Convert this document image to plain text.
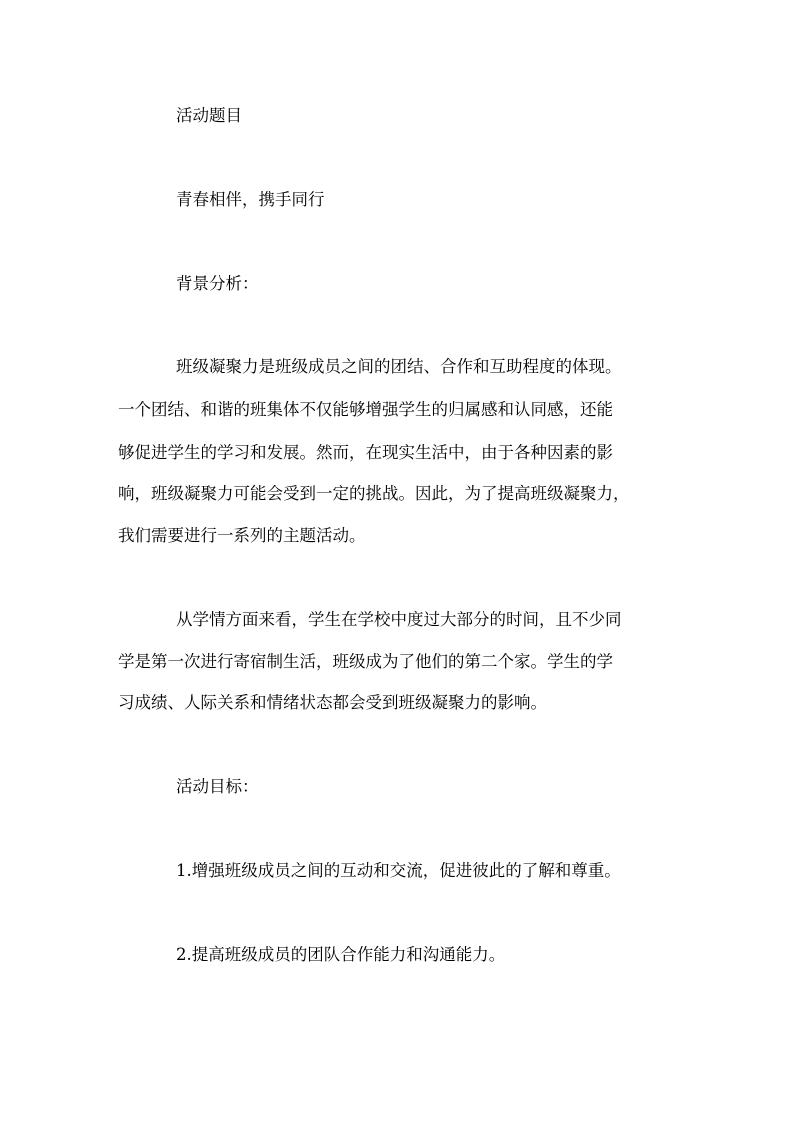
活动题目
青春相伴，携手同行
背景分析：
班级凝聚力是班级成员之间的团结、合作和互助程度的体现。
一个团结、和谐的班集体不仅能够增强学生的归属感和认同感，还能
够促进学生的学习和发展。然而，在现实生活中，由于各种因素的影
响，班级凝聚力可能会受到一定的挑战。因此，为了提高班级凝聚力，
我们需要进行一系列的主题活动。
从学情方面来看，学生在学校中度过大部分的时间，且不少同
学是第一次进行寄宿制生活，班级成为了他们的第二个家。学生的学
习成绩、人际关系和情绪状态都会受到班级凝聚力的影响。
活动目标：
1.增强班级成员之间的互动和交流，促进彼此的了解和尊重。
2.提高班级成员的团队合作能力和沟通能力。
